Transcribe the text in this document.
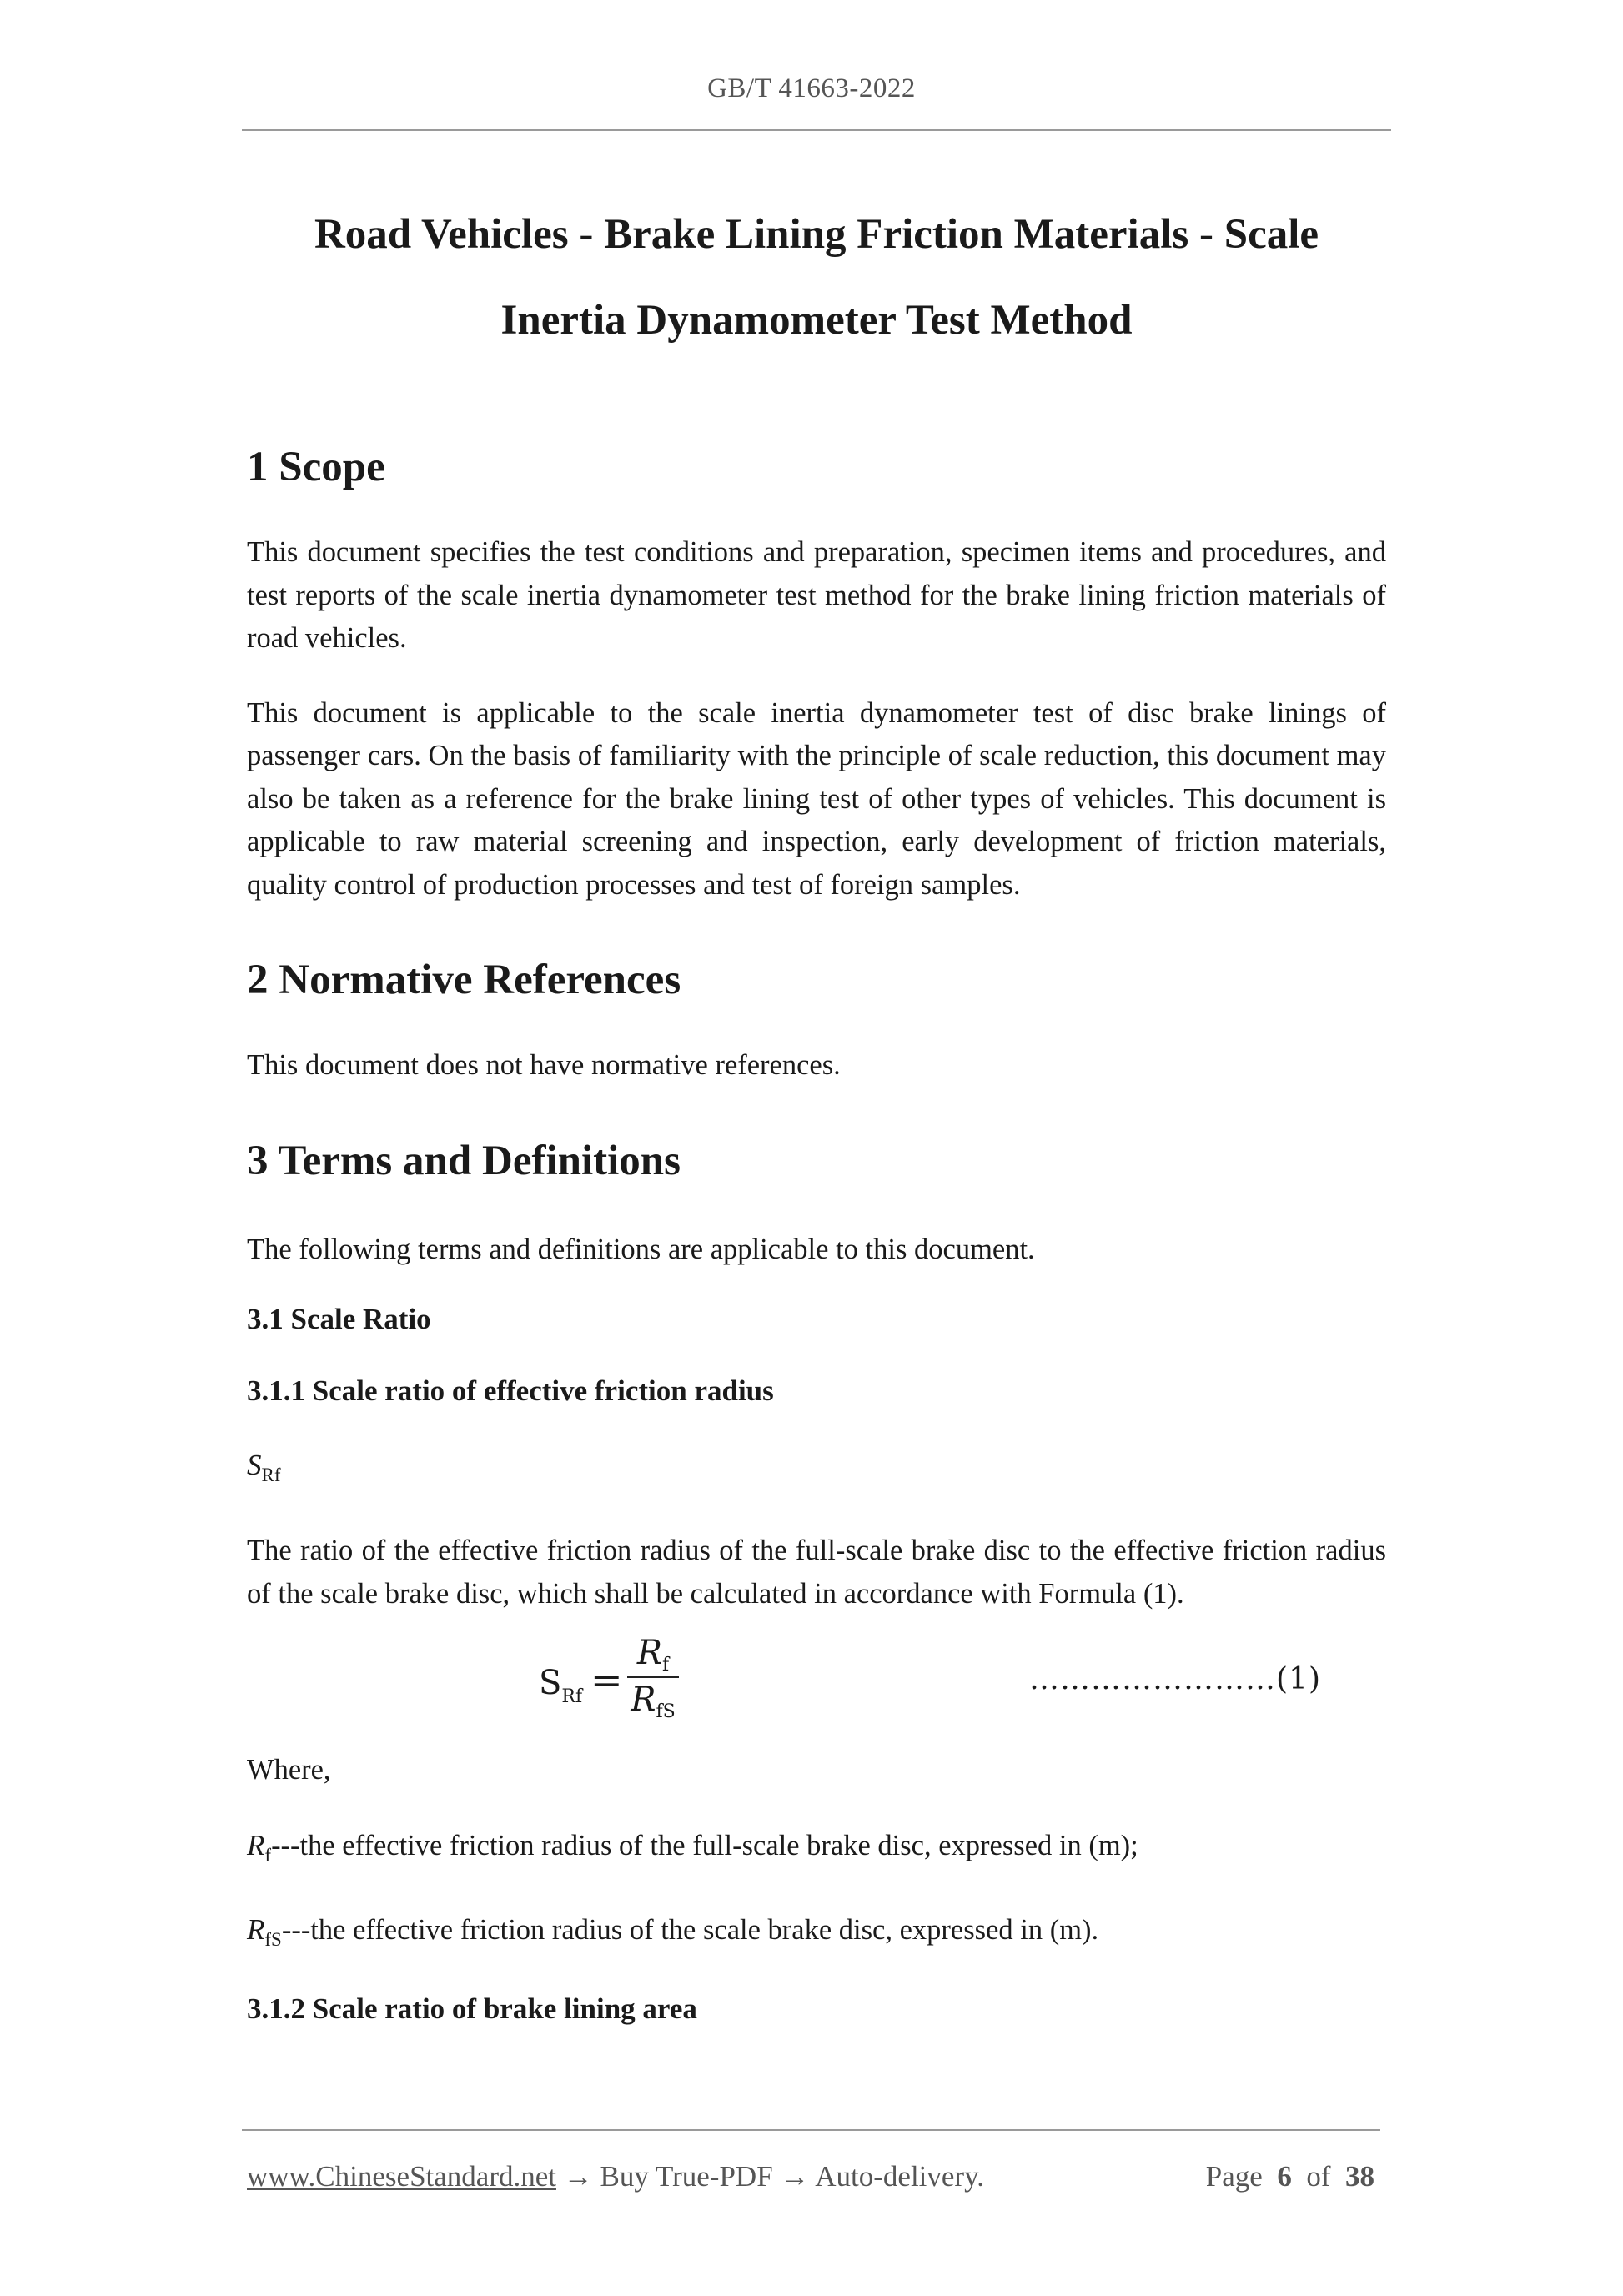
GB/T 41663-2022
Road Vehicles - Brake Lining Friction Materials - Scale
Inertia Dynamometer Test Method
1 Scope

This document specifies the test conditions and preparation, specimen items and procedures, and test reports of the scale inertia dynamometer test method for the brake lining friction materials of road vehicles.

This document is applicable to the scale inertia dynamometer test of disc brake linings of passenger cars. On the basis of familiarity with the principle of scale reduction, this document may also be taken as a reference for the brake lining test of other types of vehicles. This document is applicable to raw material screening and inspection, early development of friction materials, quality control of production processes and test of foreign samples.

2 Normative References

This document does not have normative references.

3 Terms and Definitions

The following terms and definitions are applicable to this document.

3.1 Scale Ratio
3.1.1 Scale ratio of effective friction radius

$S_{Rf}$

The ratio of the effective friction radius of the full-scale brake disc to the effective friction radius of the scale brake disc, which shall be calculated in accordance with Formula (1).

$S_{Rf}$ =
$R_f$
$R_{fS}$
……………………(1)

Where,

$R_f--$-the effective friction radius of the full-scale brake disc, expressed in (m);

$R_{fS}--$-the effective friction radius of the scale brake disc, expressed in (m).

3.1.2 Scale ratio of brake lining area
www.ChineseStandard.net → Buy True-PDF → Auto-delivery.	Page 6 of 38
